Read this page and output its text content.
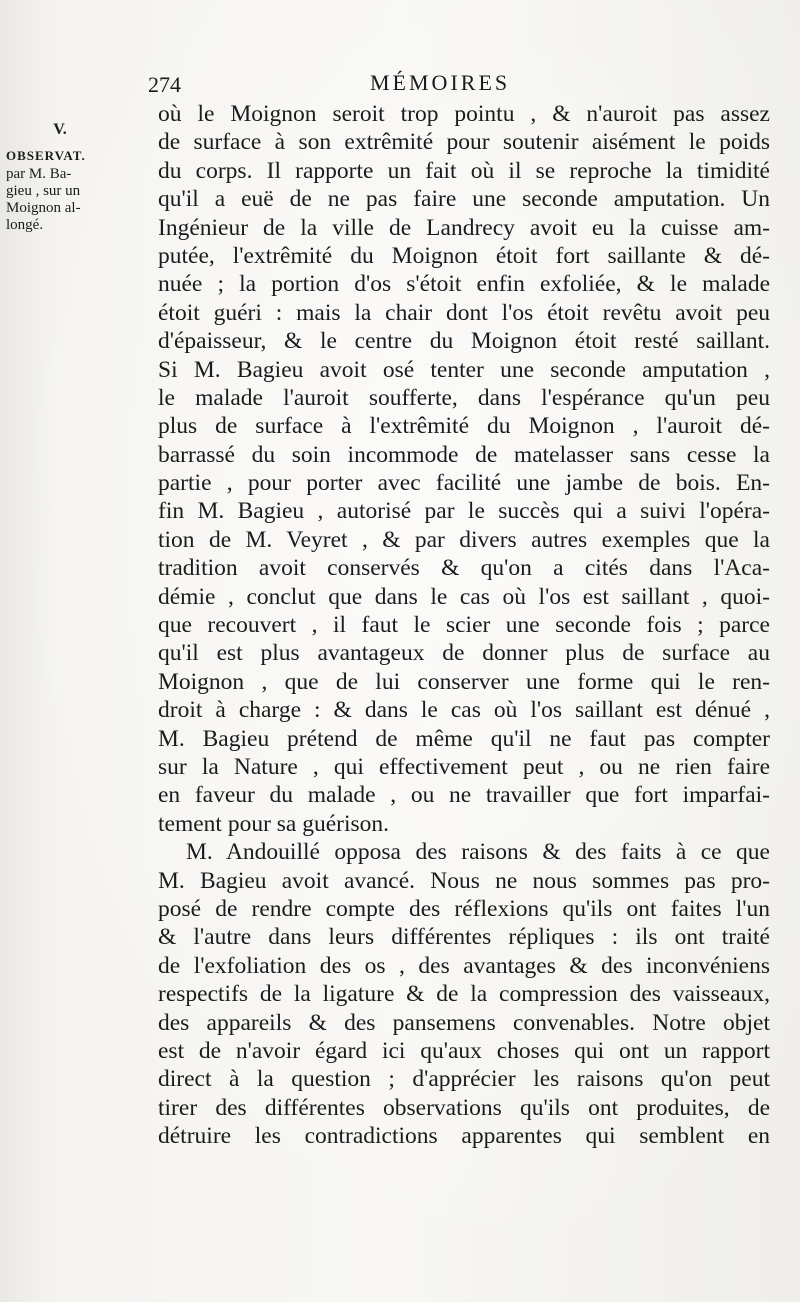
274	MÉMOIRES
V.
OBSERVAT.
par M. Ba-
gieu , sur un
Moignon al-
longé.
où le Moignon seroit trop pointu , & n'auroit pas assez
de surface à son extrêmité pour soutenir aisément le poids
du corps. Il rapporte un fait où il se reproche la timidité
qu'il a euë de ne pas faire une seconde amputation. Un
Ingénieur de la ville de Landrecy avoit eu la cuisse am-
putée, l'extrêmité du Moignon étoit fort saillante & dé-
nuée ; la portion d'os s'étoit enfin exfoliée, & le malade
étoit guéri : mais la chair dont l'os étoit revêtu avoit peu
d'épaisseur, & le centre du Moignon étoit resté saillant.
Si M. Bagieu avoit osé tenter une seconde amputation ,
le malade l'auroit soufferte, dans l'espérance qu'un peu
plus de surface à l'extrêmité du Moignon , l'auroit dé-
barrassé du soin incommode de matelasser sans cesse la
partie , pour porter avec facilité une jambe de bois. En-
fin M. Bagieu , autorisé par le succès qui a suivi l'opéra-
tion de M. Veyret , & par divers autres exemples que la
tradition avoit conservés & qu'on a cités dans l'Aca-
démie , conclut que dans le cas où l'os est saillant , quoi-
que recouvert , il faut le scier une seconde fois ; parce
qu'il est plus avantageux de donner plus de surface au
Moignon , que de lui conserver une forme qui le ren-
droit à charge : & dans le cas où l'os saillant est dénué ,
M. Bagieu prétend de même qu'il ne faut pas compter
sur la Nature , qui effectivement peut , ou ne rien faire
en faveur du malade , ou ne travailler que fort imparfai-
tement pour sa guérison.
M. Andouillé opposa des raisons & des faits à ce que
M. Bagieu avoit avancé. Nous ne nous sommes pas pro-
posé de rendre compte des réflexions qu'ils ont faites l'un
& l'autre dans leurs différentes répliques : ils ont traité
de l'exfoliation des os , des avantages & des inconvéniens
respectifs de la ligature & de la compression des vaisseaux,
des appareils & des pansemens convenables. Notre objet
est de n'avoir égard ici qu'aux choses qui ont un rapport
direct à la question ; d'apprécier les raisons qu'on peut
tirer des différentes observations qu'ils ont produites, de
détruire les contradictions apparentes qui semblent en
